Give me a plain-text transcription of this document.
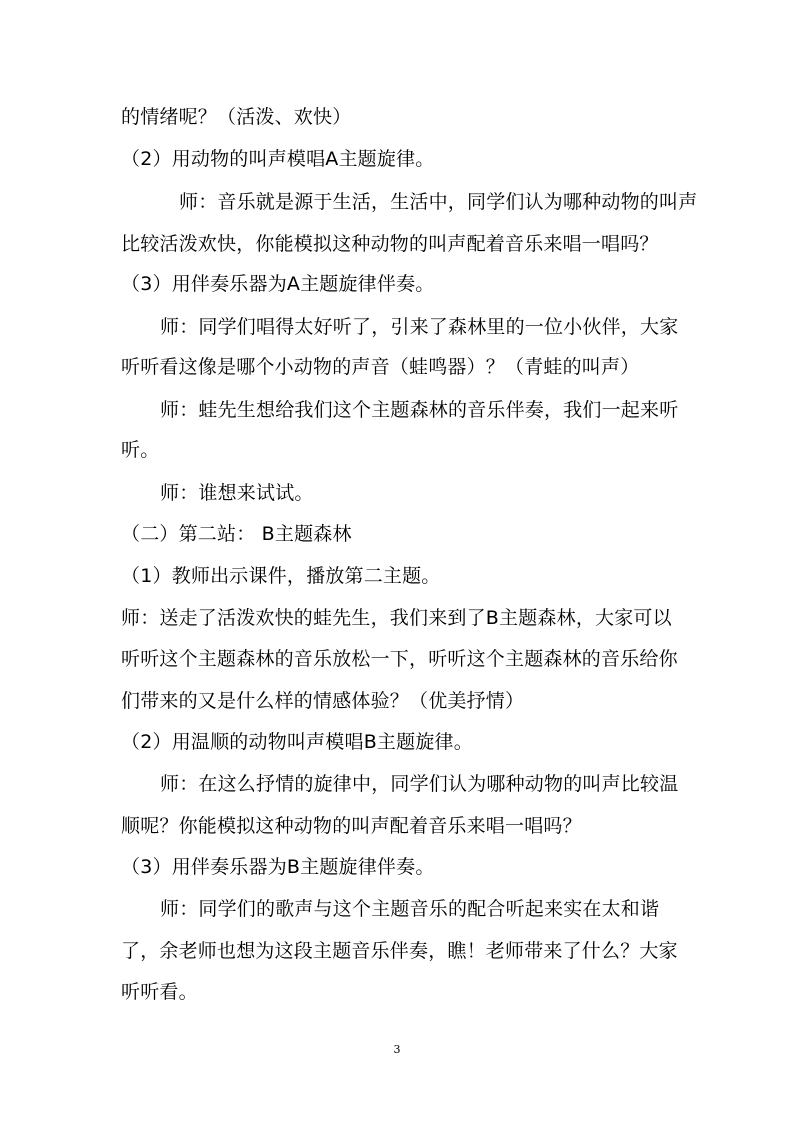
的情绪呢？（活泼、欢快）
（2）用动物的叫声模唱A主题旋律。
师：音乐就是源于生活，生活中，同学们认为哪种动物的叫声
比较活泼欢快，你能模拟这种动物的叫声配着音乐来唱一唱吗？
（3）用伴奏乐器为A主题旋律伴奏。
师：同学们唱得太好听了，引来了森林里的一位小伙伴，大家
听听看这像是哪个小动物的声音（蛙鸣器）？（青蛙的叫声）
师：蛙先生想给我们这个主题森林的音乐伴奏，我们一起来听
听。
师：谁想来试试。
（二）第二站： B主题森林
（1）教师出示课件，播放第二主题。
师：送走了活泼欢快的蛙先生，我们来到了B主题森林，大家可以
听听这个主题森林的音乐放松一下，听听这个主题森林的音乐给你
们带来的又是什么样的情感体验？（优美抒情）
（2）用温顺的动物叫声模唱B主题旋律。
师：在这么抒情的旋律中，同学们认为哪种动物的叫声比较温
顺呢？你能模拟这种动物的叫声配着音乐来唱一唱吗？
（3）用伴奏乐器为B主题旋律伴奏。
师：同学们的歌声与这个主题音乐的配合听起来实在太和谐
了，余老师也想为这段主题音乐伴奏，瞧！老师带来了什么？大家
听听看。
3
